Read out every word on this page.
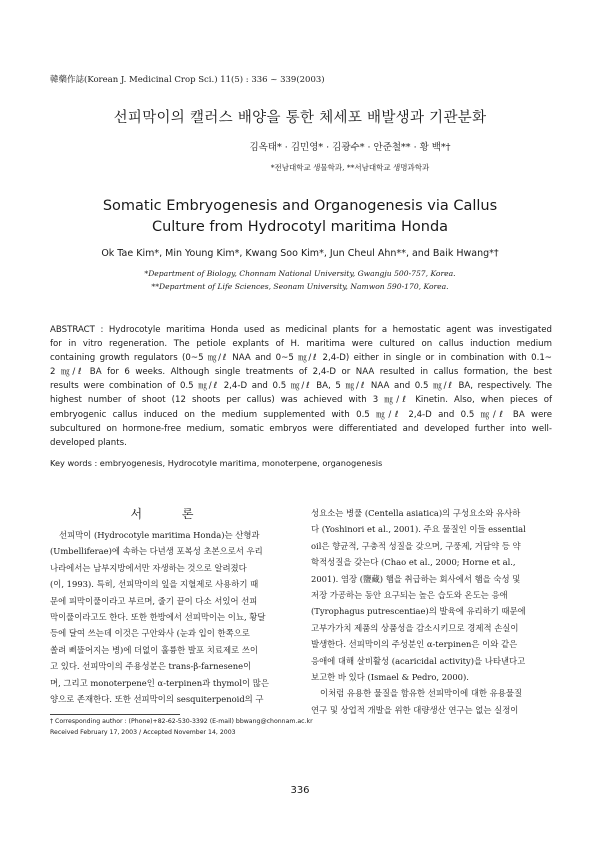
韓藥作誌(Korean J. Medicinal Crop Sci.) 11(5) : 336 ~ 339(2003)
선피막이의 캘러스 배양을 통한 체세포 배발생과 기관분화
김옥태* · 김민영* · 김광수* · 안준철** · 황 백*†
*전남대학교 생물학과, **서남대학교 생명과학과
Somatic Embryogenesis and Organogenesis via Callus
Culture from Hydrocotyl maritima Honda
Ok Tae Kim*, Min Young Kim*, Kwang Soo Kim*, Jun Cheul Ahn**, and Baik Hwang*†
*Department of Biology, Chonnam National University, Gwangju 500-757, Korea.
**Department of Life Sciences, Seonam University, Namwon 590-170, Korea.
ABSTRACT : Hydrocotyle maritima Honda used as medicinal plants for a hemostatic agent was investigated
for in vitro regeneration. The petiole explants of H. maritima were cultured on callus induction medium
containing growth regulators (0~5 ㎎/ℓ NAA and 0~5 ㎎/ℓ 2,4-D) either in single or in combination with 0.1~
2 ㎎/ℓ BA for 6 weeks. Although single treatments of 2,4-D or NAA resulted in callus formation, the best
results were combination of 0.5 ㎎/ℓ 2,4-D and 0.5 ㎎/ℓ BA, 5 ㎎/ℓ NAA and 0.5 ㎎/ℓ BA, respectively. The
highest number of shoot (12 shoots per callus) was achieved with 3 ㎎/ℓ Kinetin. Also, when pieces of
embryogenic callus induced on the medium supplemented with 0.5 ㎎/ℓ 2,4-D and 0.5 ㎎/ℓ BA were
subcultured on hormone-free medium, somatic embryos were differentiated and developed further into well-
developed plants.
Key words : embryogenesis, Hydrocotyle maritima, monoterpene, organogenesis
서 론
선피막이 (Hydrocotyle maritima Honda)는 산형과
(Umbelliferae)에 속하는 다년생 포복성 초본으로서 우리
나라에서는 남부지방에서만 자생하는 것으로 알려졌다
(이, 1993). 특히, 선피막이의 잎을 지혈제로 사용하기 때
문에 피막이풀이라고 부르며, 줄기 끝이 다소 서있어 선피
막이풀이라고도 한다. 또한 한방에서 선피막이는 이뇨, 황달
등에 달여 쓰는데 이것은 구안와사 (눈과 입이 한쪽으로
쏠려 삐뚤어지는 병)에 더없이 훌륭한 발포 치료제로 쓰이
고 있다. 선피막이의 주용성분은 trans-β-farnesene이
며, 그리고 monoterpene인 α-terpinen과 thymol이 많은
양으로 존재한다. 또한 선피막이의 sesquiterpenoid의 구
성요소는 병풀 (Centella asiatica)의 구성요소와 유사하
다 (Yoshinori et al., 2001). 주요 물질인 이들 essential
oil은 향균적, 구충적 성질을 갖으며, 구풍제, 거담약 등 약
학적성질을 갖는다 (Chao et al., 2000; Horne et al.,
2001). 염장 (鹽藏) 햄을 취급하는 회사에서 햄을 숙성 및
저장 가공하는 동안 요구되는 높은 습도와 온도는 응애
(Tyrophagus putrescentiae)의 발육에 유리하기 때문에
고부가가치 제품의 상품성을 감소시키므로 경제적 손실이
발생한다. 선피막이의 주성분인 α-terpinen은 이와 같은
응애에 대해 살비활성 (acaricidal activity)을 나타낸다고
보고한 바 있다 (Ismael & Pedro, 2000).
이처럼 유용한 물질을 함유한 선피막이에 대한 유용물질
연구 및 상업적 개발을 위한 대량생산 연구는 없는 실정이
† Corresponding author : (Phone)+82-62-530-3392 (E-mail) bbwang@chonnam.ac.kr
Received February 17, 2003 / Accepted November 14, 2003
336
